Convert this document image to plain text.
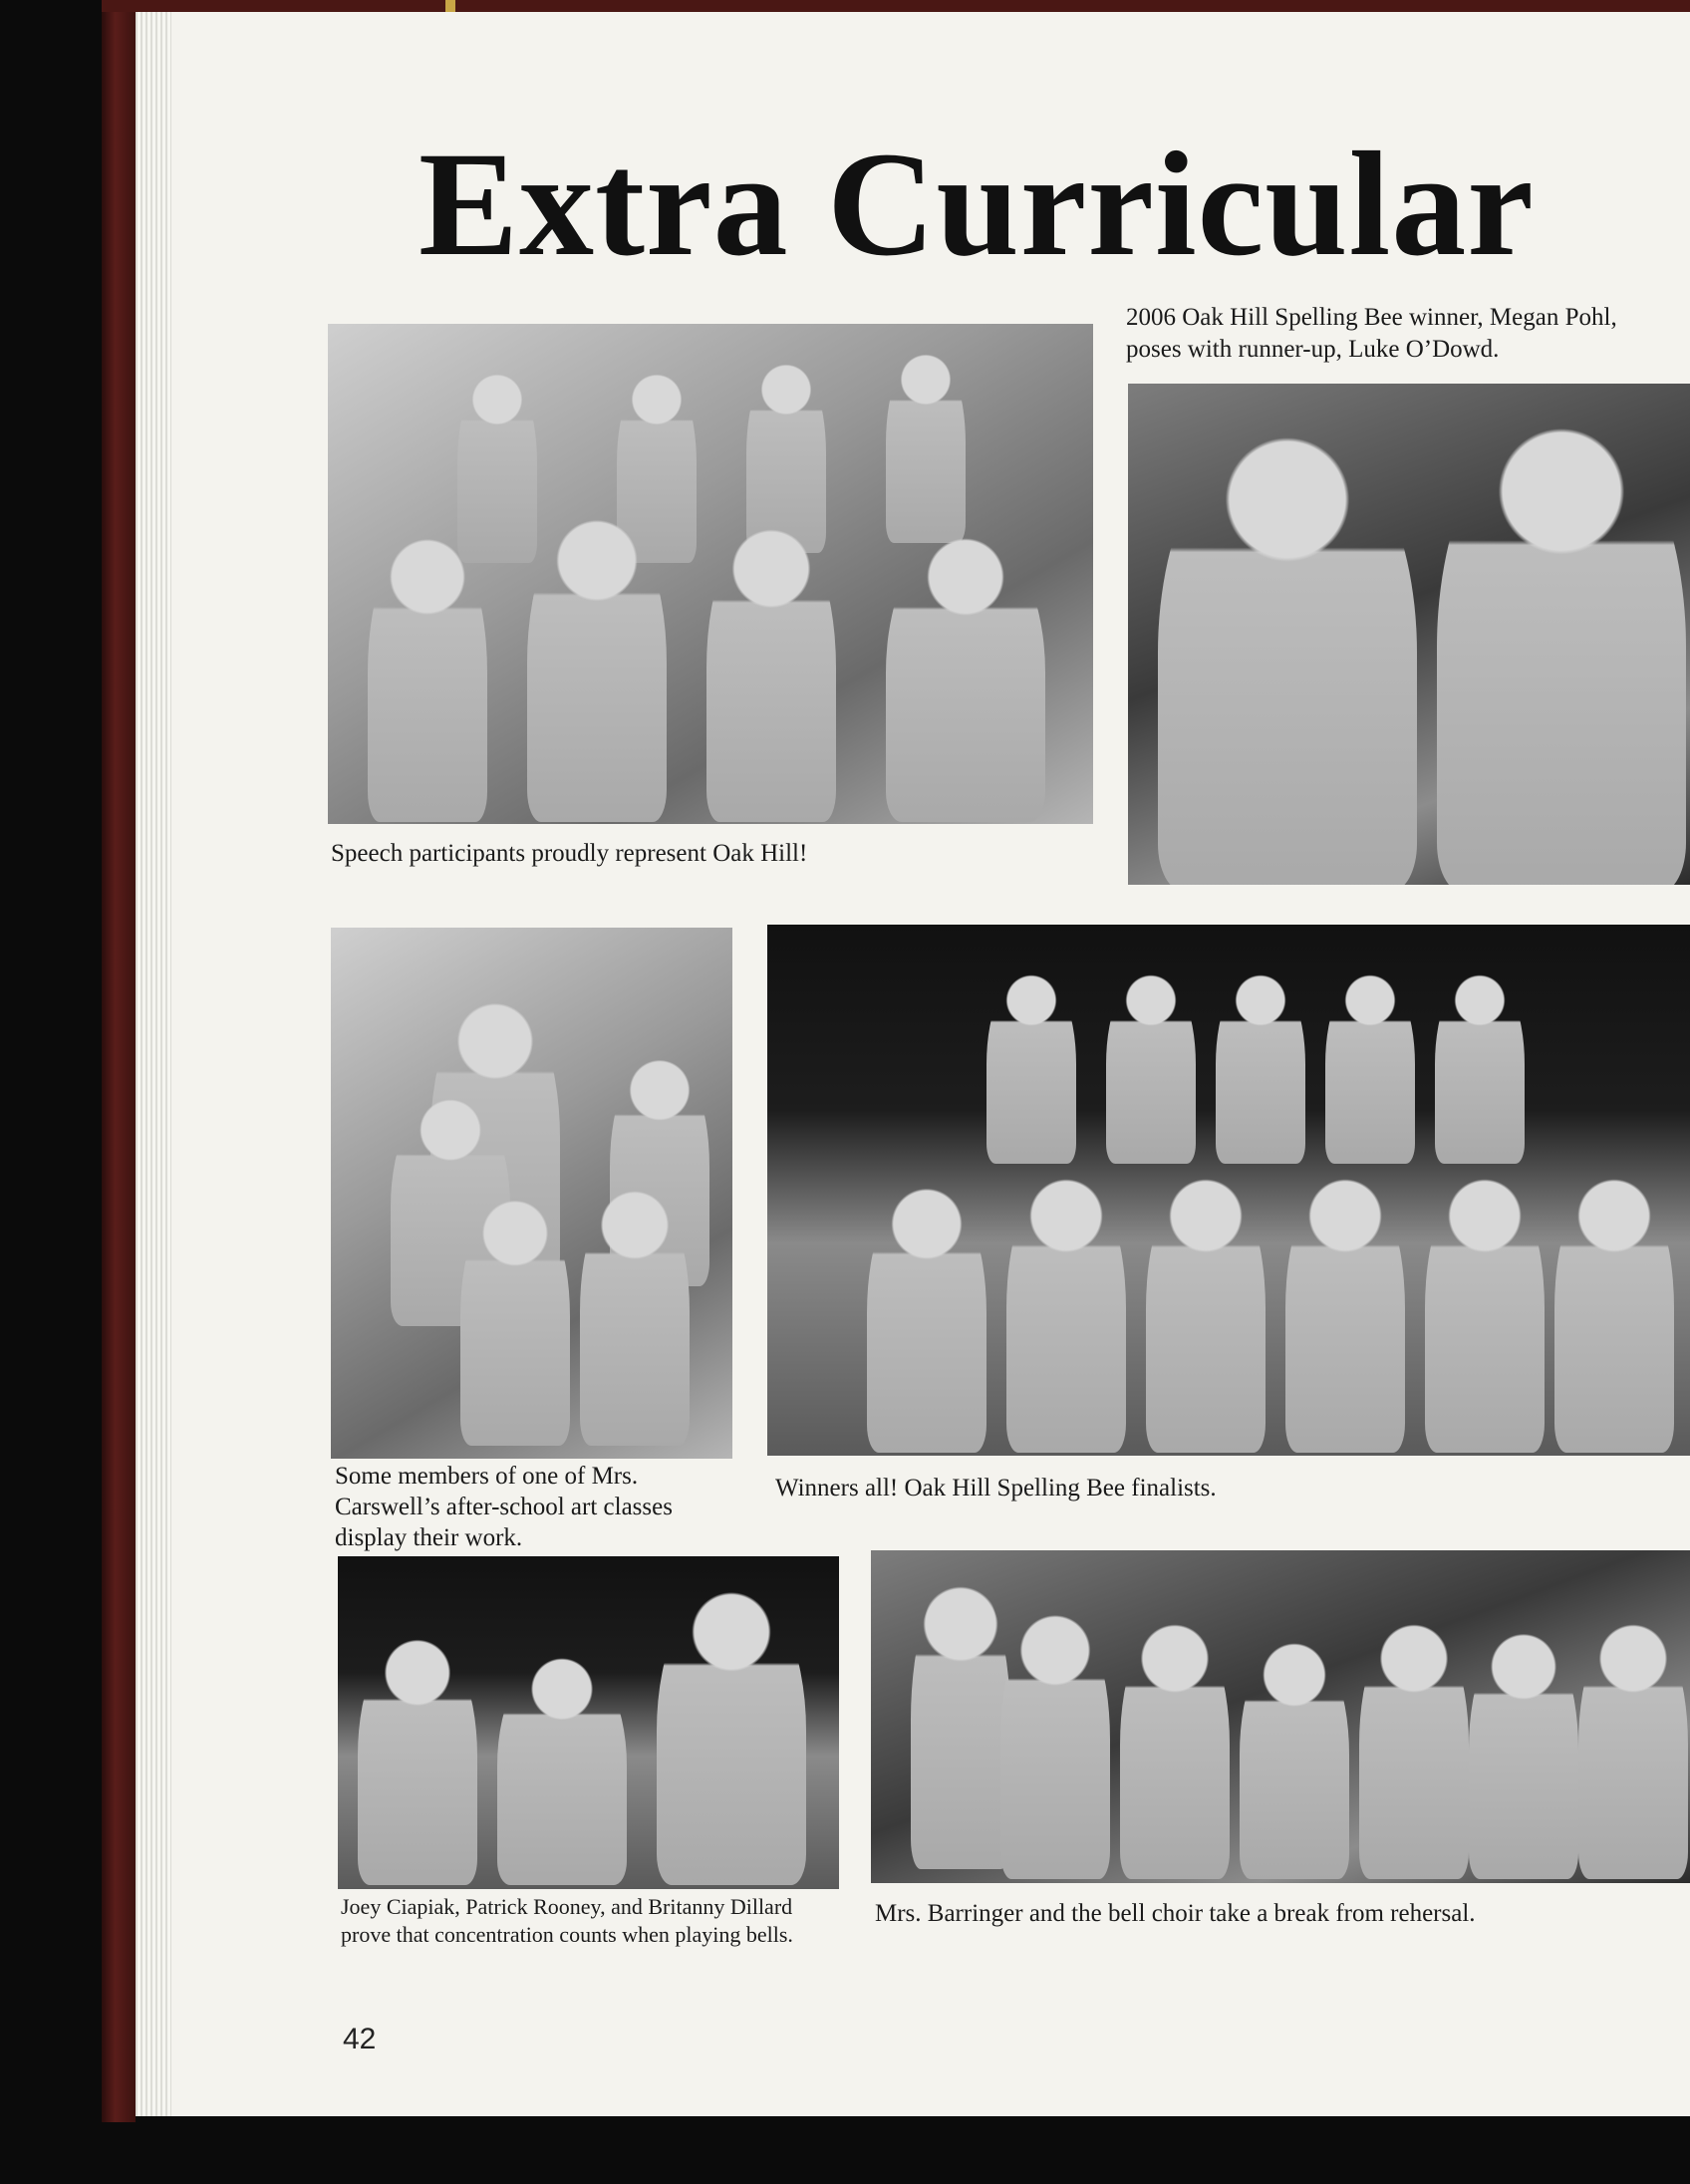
Extra Curricular

Speech participants proudly represent Oak Hill!

2006 Oak Hill Spelling Bee winner, Megan Pohl, poses with runner-up, Luke O’Dowd.

Some members of one of Mrs. Carswell’s after-school art classes display their work.

Winners all! Oak Hill Spelling Bee finalists.

Joey Ciapiak, Patrick Rooney, and Britanny Dillard prove that concentration counts when playing bells.

Mrs. Barringer and the bell choir take a break from rehersal.

42
